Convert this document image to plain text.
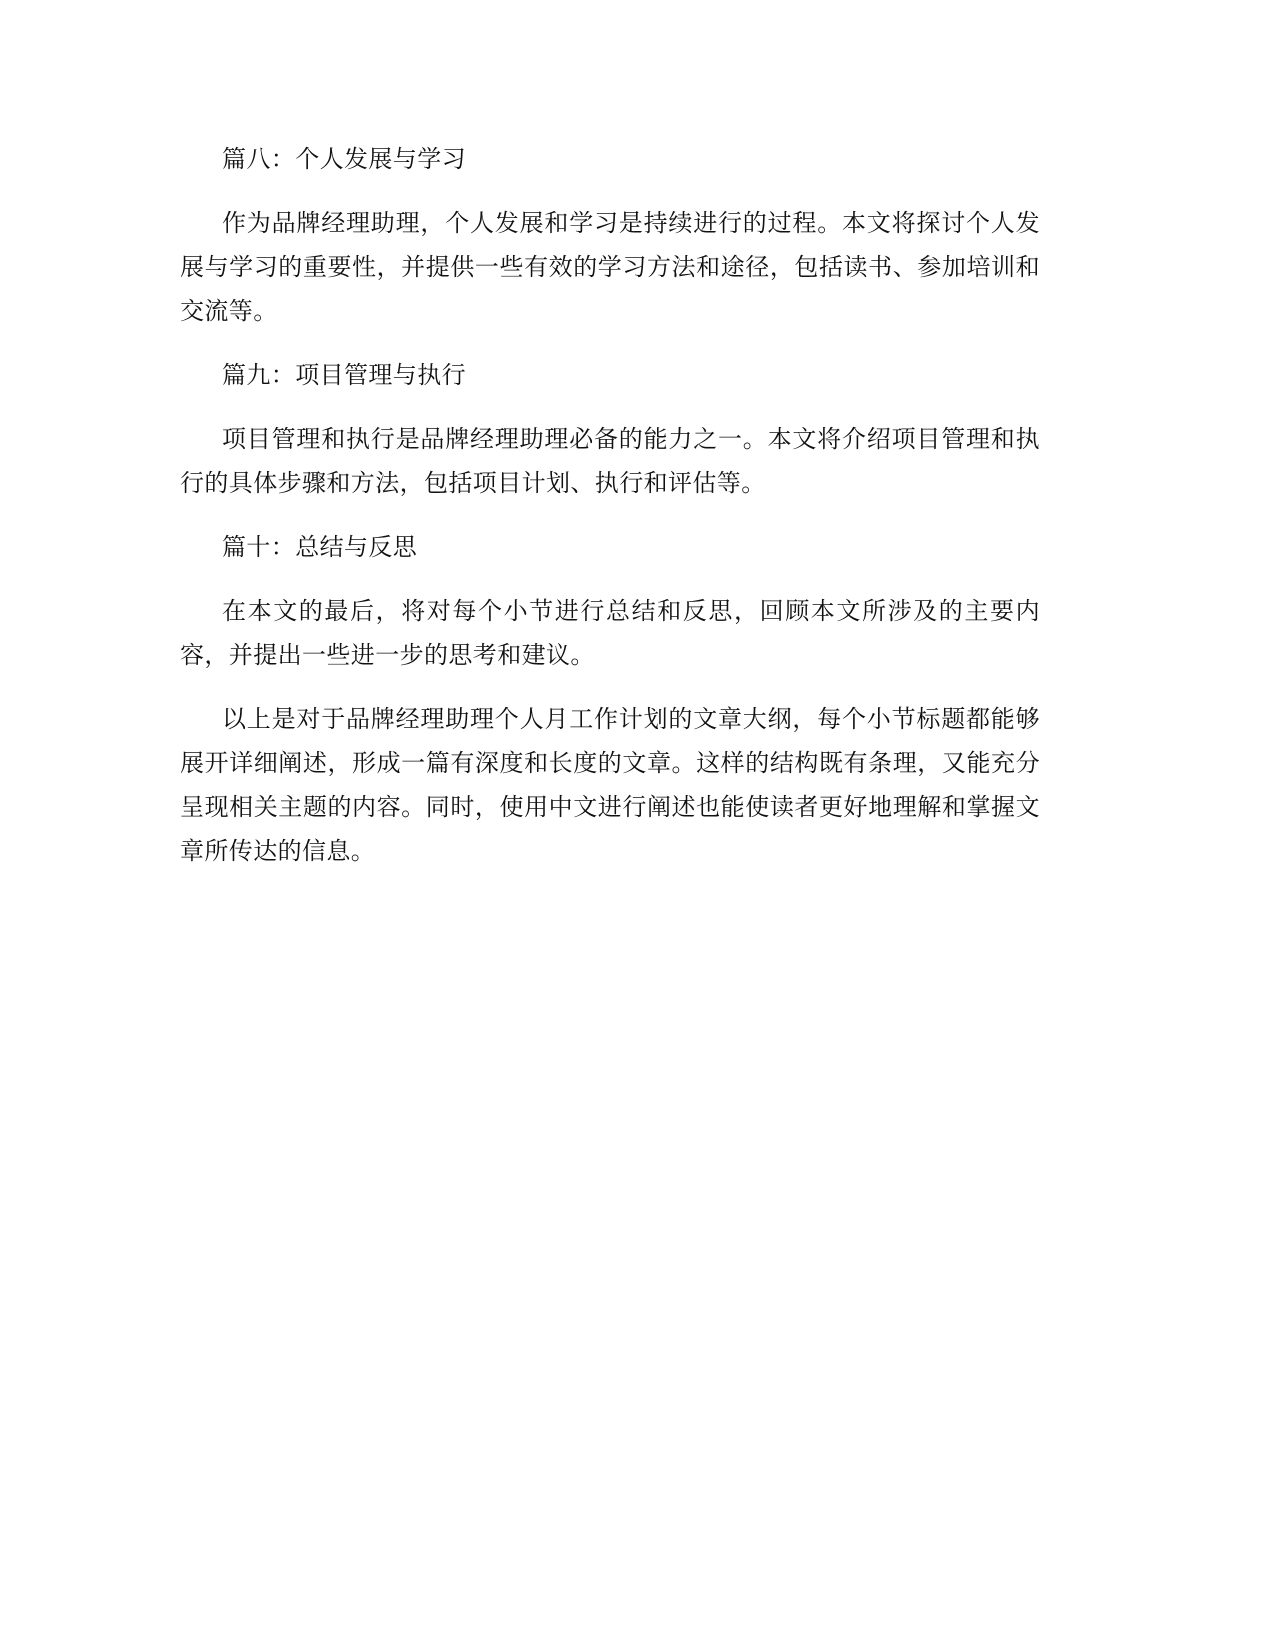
篇八：个人发展与学习

作为品牌经理助理，个人发展和学习是持续进行的过程。本文将探讨个人发展与学习的重要性，并提供一些有效的学习方法和途径，包括读书、参加培训和交流等。

篇九：项目管理与执行

项目管理和执行是品牌经理助理必备的能力之一。本文将介绍项目管理和执行的具体步骤和方法，包括项目计划、执行和评估等。

篇十：总结与反思

在本文的最后，将对每个小节进行总结和反思，回顾本文所涉及的主要内容，并提出一些进一步的思考和建议。

以上是对于品牌经理助理个人月工作计划的文章大纲，每个小节标题都能够展开详细阐述，形成一篇有深度和长度的文章。这样的结构既有条理，又能充分呈现相关主题的内容。同时，使用中文进行阐述也能使读者更好地理解和掌握文章所传达的信息。
